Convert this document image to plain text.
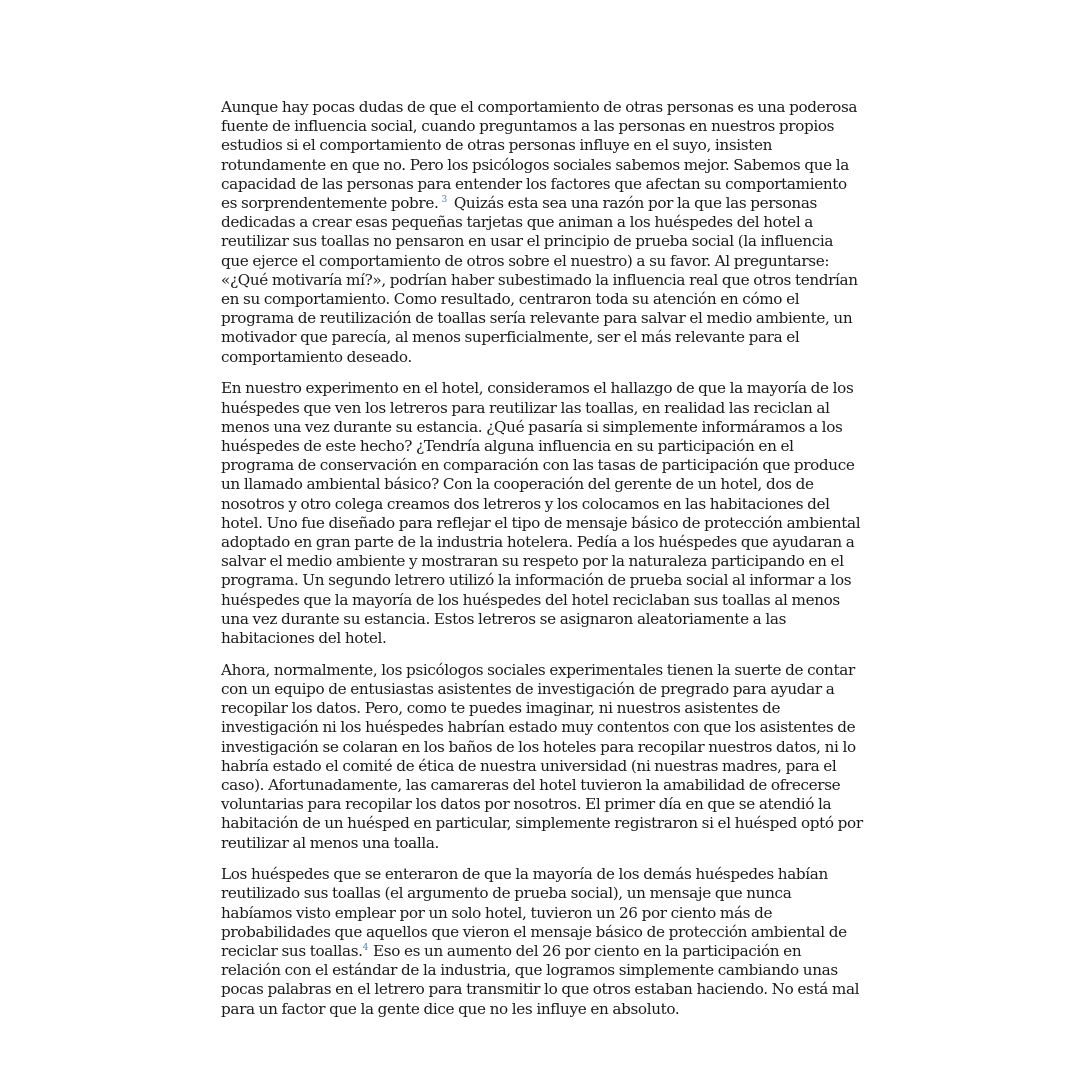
Aunque hay pocas dudas de que el comportamiento de otras personas es una poderosa fuente de influencia social, cuando preguntamos a las personas en nuestros propios estudios si el comportamiento de otras personas influye en el suyo, insisten rotundamente en que no. Pero los psicólogos sociales sabemos mejor. Sabemos que la capacidad de las personas para entender los factores que afectan su comportamiento es sorprendentemente pobre. $^3$ Quizás esta sea una razón por la que las personas dedicadas a crear esas pequeñas tarjetas que animan a los huéspedes del hotel a reutilizar sus toallas no pensaron en usar el principio de prueba social (la influencia que ejerce el comportamiento de otros sobre el nuestro) a su favor. Al preguntarse: «¿Qué motivaría mí?», podrían haber subestimado la influencia real que otros tendrían en su comportamiento. Como resultado, centraron toda su atención en cómo el programa de reutilización de toallas sería relevante para salvar el medio ambiente, un motivador que parecía, al menos superficialmente, ser el más relevante para el comportamiento deseado.

En nuestro experimento en el hotel, consideramos el hallazgo de que la mayoría de los huéspedes que ven los letreros para reutilizar las toallas, en realidad las reciclan al menos una vez durante su estancia. ¿Qué pasaría si simplemente informáramos a los huéspedes de este hecho? ¿Tendría alguna influencia en su participación en el programa de conservación en comparación con las tasas de participación que produce un llamado ambiental básico? Con la cooperación del gerente de un hotel, dos de nosotros y otro colega creamos dos letreros y los colocamos en las habitaciones del hotel. Uno fue diseñado para reflejar el tipo de mensaje básico de protección ambiental adoptado en gran parte de la industria hotelera. Pedía a los huéspedes que ayudaran a salvar el medio ambiente y mostraran su respeto por la naturaleza participando en el programa. Un segundo letrero utilizó la información de prueba social al informar a los huéspedes que la mayoría de los huéspedes del hotel reciclaban sus toallas al menos una vez durante su estancia. Estos letreros se asignaron aleatoriamente a las habitaciones del hotel.

Ahora, normalmente, los psicólogos sociales experimentales tienen la suerte de contar con un equipo de entusiastas asistentes de investigación de pregrado para ayudar a recopilar los datos. Pero, como te puedes imaginar, ni nuestros asistentes de investigación ni los huéspedes habrían estado muy contentos con que los asistentes de investigación se colaran en los baños de los hoteles para recopilar nuestros datos, ni lo habría estado el comité de ética de nuestra universidad (ni nuestras madres, para el caso). Afortunadamente, las camareras del hotel tuvieron la amabilidad de ofrecerse voluntarias para recopilar los datos por nosotros. El primer día en que se atendió la habitación de un huésped en particular, simplemente registraron si el huésped optó por reutilizar al menos una toalla.

Los huéspedes que se enteraron de que la mayoría de los demás huéspedes habían reutilizado sus toallas (el argumento de prueba social), un mensaje que nunca habíamos visto emplear por un solo hotel, tuvieron un 26 por ciento más de probabilidades que aquellos que vieron el mensaje básico de protección ambiental de reciclar sus toallas.$^4$ Eso es un aumento del 26 por ciento en la participación en relación con el estándar de la industria, que logramos simplemente cambiando unas pocas palabras en el letrero para transmitir lo que otros estaban haciendo. No está mal para un factor que la gente dice que no les influye en absoluto.
